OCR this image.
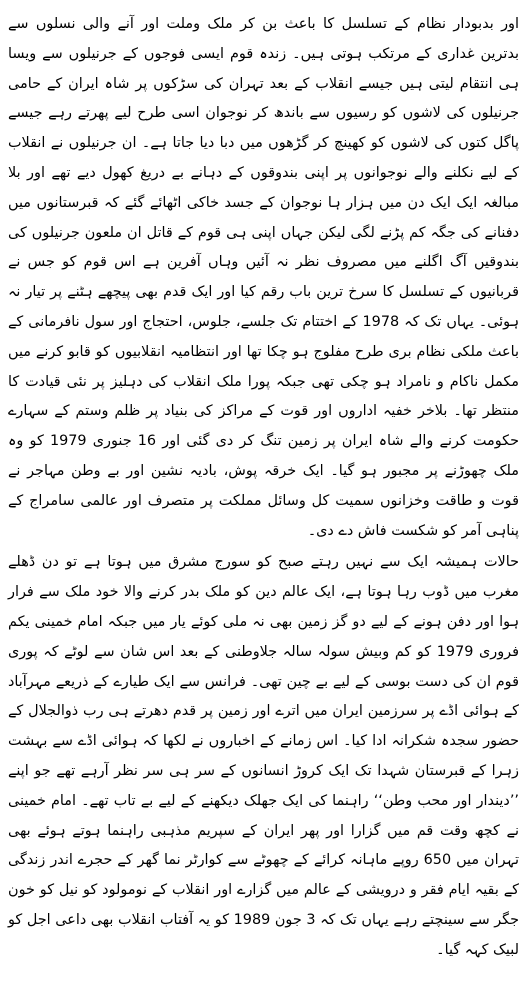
اور بدبودار نظام کے تسلسل کا باعث بن کر ملک وملت اور آنے والی نسلوں سے بدترین غداری کے مرتکب ہوتی ہیں۔ زندہ قوم ایسی فوجوں کے جرنیلوں سے ویسا ہی انتقام لیتی ہیں جیسے انقلاب کے بعد تہران کی سڑکوں پر شاہ ایران کے حامی جرنیلوں کی لاشوں کو رسیوں سے باندھ کر نوجوان اسی طرح لیے پھرتے رہے جیسے پاگل کتوں کی لاشوں کو کھینچ کر گڑھوں میں دبا دیا جاتا ہے۔ ان جرنیلوں نے انقلاب کے لیے نکلنے والے نوجوانوں پر اپنی بندوقوں کے دہانے بے دریغ کھول دیے تھے اور بلا مبالغہ ایک ایک دن میں ہزار ہا نوجوان کے جسد خاکی اٹھائے گئے کہ قبرستانوں میں دفنانے کی جگہ کم پڑنے لگی لیکن جہاں اپنی ہی قوم کے قاتل ان ملعون جرنیلوں کی بندوقیں آگ اگلنے میں مصروف نظر نہ آئیں وہاں آفرین ہے اس قوم کو جس نے قربانیوں کے تسلسل کا سرخ ترین باب رقم کیا اور ایک قدم بھی پیچھے ہٹنے پر تیار نہ ہوئی۔ یہاں تک کہ 1978 کے اختتام تک جلسے، جلوس، احتجاج اور سول نافرمانی کے باعث ملکی نظام بری طرح مفلوج ہو چکا تھا اور انتظامیہ انقلابیوں کو قابو کرنے میں مکمل ناکام و نامراد ہو چکی تھی جبکہ پورا ملک انقلاب کی دہلیز پر نئی قیادت کا منتظر تھا۔ بلاخر خفیہ اداروں اور قوت کے مراکز کی بنیاد پر ظلم وستم کے سہارے حکومت کرنے والے شاہ ایران پر زمین تنگ کر دی گئی اور 16 جنوری 1979 کو وہ ملک چھوڑنے پر مجبور ہو گیا۔ ایک خرقہ پوش، بادیہ نشین اور بے وطن مہاجر نے قوت و طاقت وخزانوں سمیت کل وسائل مملکت پر متصرف اور عالمی سامراج کے پناہی آمر کو شکست فاش دے دی۔

حالات ہمیشہ ایک سے نہیں رہتے صبح کو سورج مشرق میں ہوتا ہے تو دن ڈھلے مغرب میں ڈوب رہا ہوتا ہے، ایک عالم دین کو ملک بدر کرنے والا خود ملک سے فرار ہوا اور دفن ہونے کے لیے دو گز زمین بھی نہ ملی کوئے یار میں جبکہ امام خمینی یکم فروری 1979 کو کم وبیش سولہ سالہ جلاوطنی کے بعد اس شان سے لوٹے کہ پوری قوم ان کی دست بوسی کے لیے بے چین تھی۔ فرانس سے ایک طیارے کے ذریعے مہرآباد کے ہوائی اڈے پر سرزمین ایران میں اترے اور زمین پر قدم دھرتے ہی رب ذوالجلال کے حضور سجدہ شکرانہ ادا کیا۔ اس زمانے کے اخباروں نے لکھا کہ ہوائی اڈے سے بہشت زہرا کے قبرستان شہدا تک ایک کروڑ انسانوں کے سر ہی سر نظر آرہے تھے جو اپنے ’’دیندار اور محب وطن‘‘ راہنما کی ایک جھلک دیکھنے کے لیے بے تاب تھے۔ امام خمینی نے کچھ وقت قم میں گزارا اور پھر ایران کے سپریم مذہبی راہنما ہوتے ہوئے بھی تہران میں 650 روپے ماہانہ کرائے کے چھوٹے سے کوارٹر نما گھر کے حجرے اندر زندگی کے بقیہ ایام فقر و درویشی کے عالم میں گزارے اور انقلاب کے نومولود کو نیل کو خون جگر سے سینچتے رہے یہاں تک کہ 3 جون 1989 کو یہ آفتاب انقلاب بھی داعی اجل کو لبیک کہہ گیا۔
